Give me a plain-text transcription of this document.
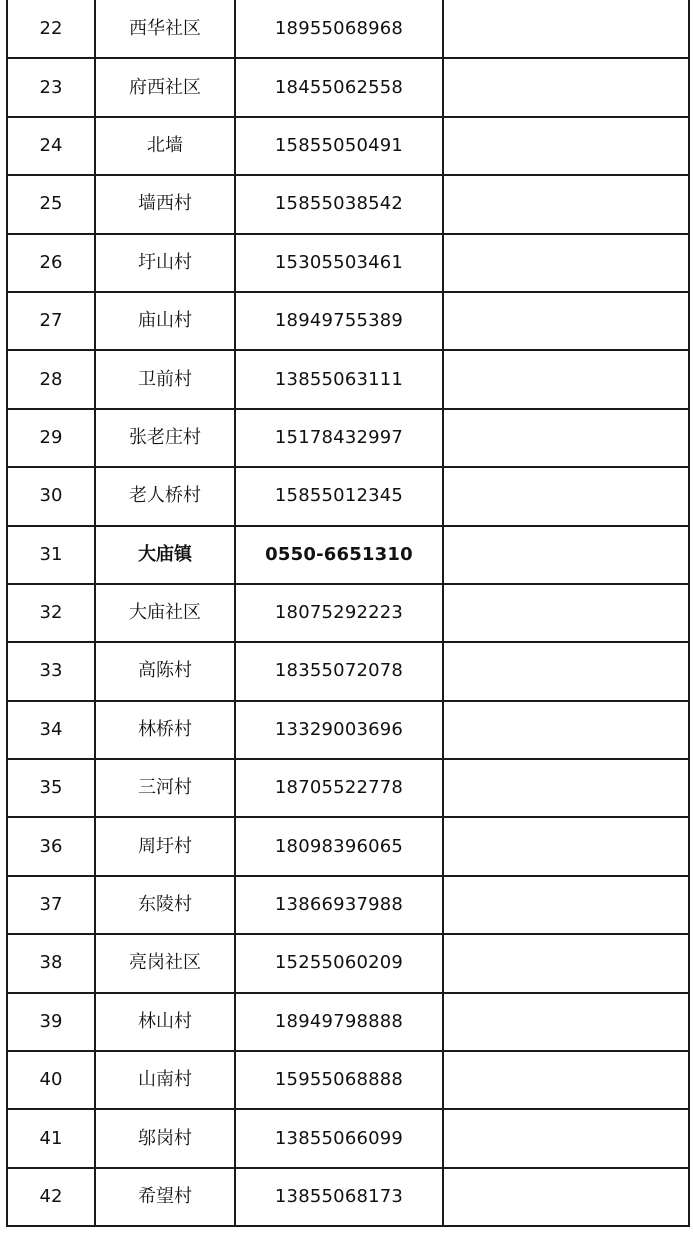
22	西华社区	18955068968	
23	府西社区	18455062558	
24	北墙	15855050491	
25	墙西村	15855038542	
26	圩山村	15305503461	
27	庙山村	18949755389	
28	卫前村	13855063111	
29	张老庄村	15178432997	
30	老人桥村	15855012345	
31	大庙镇	0550-6651310	
32	大庙社区	18075292223	
33	高陈村	18355072078	
34	林桥村	13329003696	
35	三河村	18705522778	
36	周圩村	18098396065	
37	东陵村	13866937988	
38	亮岗社区	15255060209	
39	林山村	18949798888	
40	山南村	15955068888	
41	邬岗村	13855066099	
42	希望村	13855068173	
